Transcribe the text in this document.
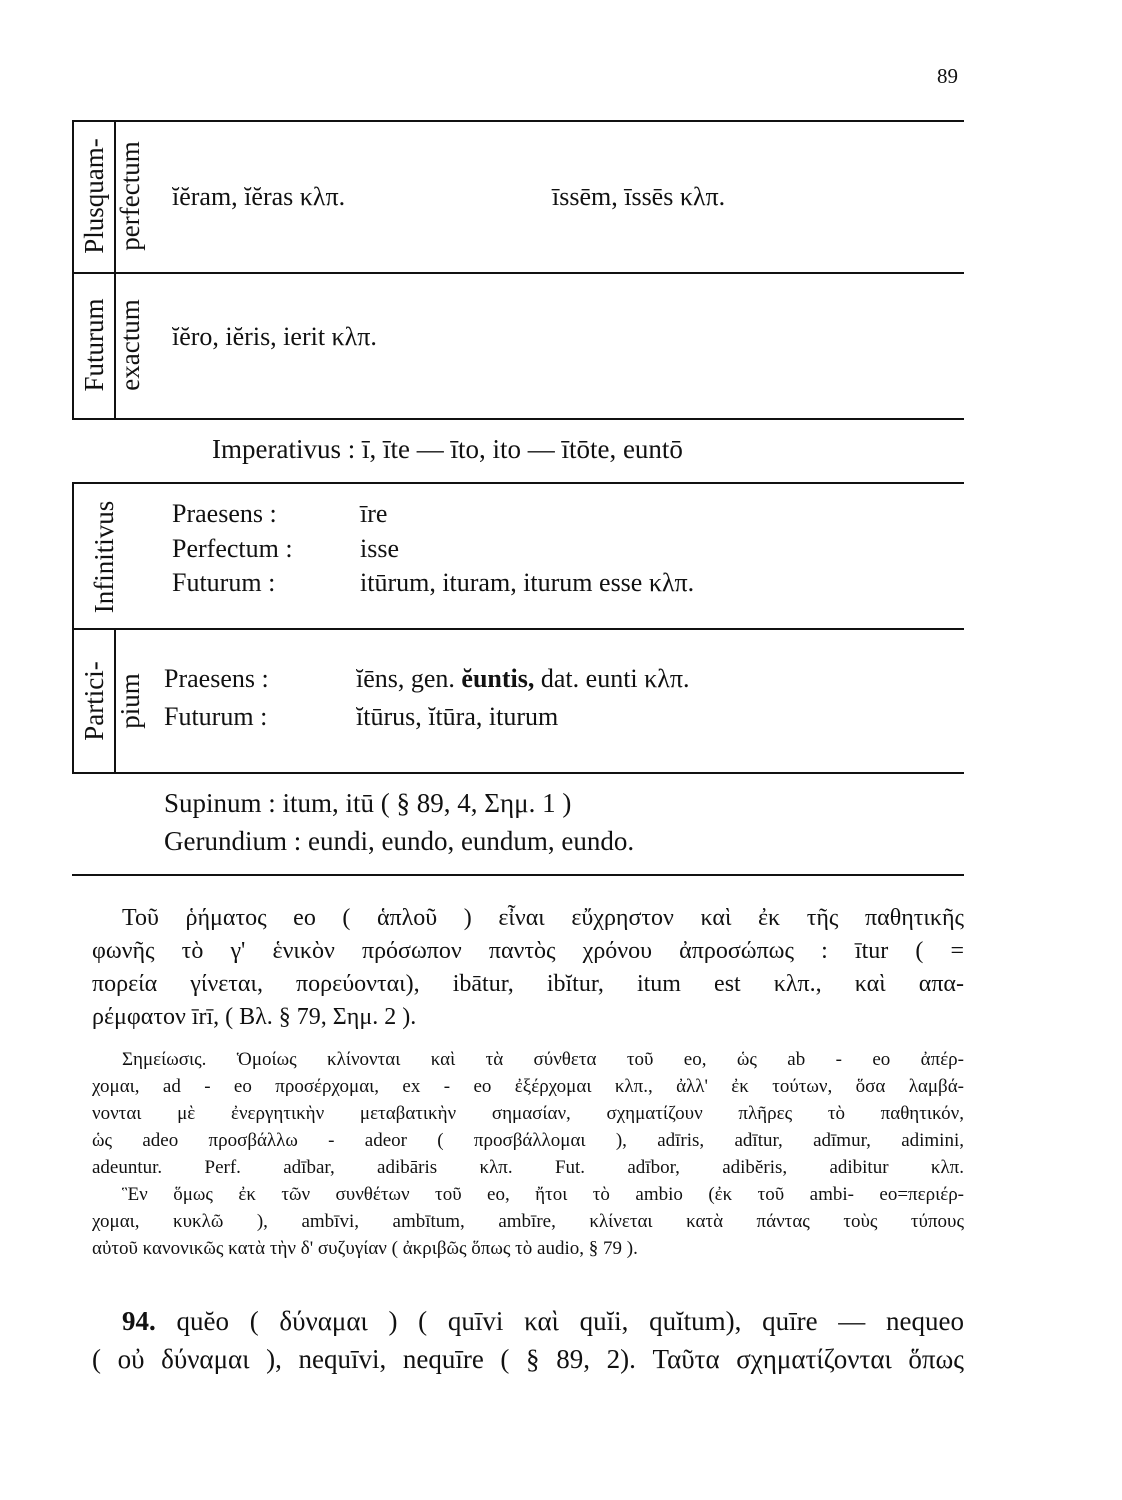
89
Plusquam- perfectum ĭĕram, ĭĕras κλπ.	īssēm, īssēs κλπ.
Futurum exactum ĭĕro, iĕris, ierit κλπ.
Imperativus : ī, īte — īto, ito — ītōte, euntō
Infinitivus Praesens :	īre
Perfectum :	isse
Futurum :	itūrum, ituram, iturum esse κλπ.
Partici- pium Praesens :	ĭēns, gen. ĕuntis, dat. eunti κλπ.
Futurum :	ĭtūrus, ĭtūra, iturum
Supinum : itum, itū ( § 89, 4, Σημ. 1 )
Gerundium : eundi, eundo, eundum, eundo.
Τοῦ ῥήματος eo ( ἁπλοῦ ) εἶναι εὔχρηστον καὶ ἐκ τῆς παθητικῆς
φωνῆς τὸ γ' ἑνικὸν πρόσωπον παντὸς χρόνου ἀπροσώπως : ītur ( =
πορεία γίνεται, πορεύονται), ibātur, ibĭtur, itum est κλπ., καὶ απα-
ρέμφατον īrī, ( Βλ. § 79, Σημ. 2 ).
Σημείωσις. Ὁμοίως κλίνονται καὶ τὰ σύνθετα τοῦ eo, ὡς ab - eo ἀπέρ-
χομαι, ad - eo προσέρχομαι, ex - eo ἐξέρχομαι κλπ., ἀλλ' ἐκ τούτων, ὅσα λαμβά-
νονται μὲ ἐνεργητικὴν μεταβατικὴν σημασίαν, σχηματίζουν πλῆρες τὸ παθητικόν,
ὡς adeo προσβάλλω - adeor ( προσβάλλομαι ), adīris, adītur, adīmur, adimini,
adeuntur. Perf. adībar, adibāris κλπ. Fut. adībor, adibĕris, adibitur κλπ.
Ἓν ὅμως ἐκ τῶν συνθέτων τοῦ eo, ἤτοι τὸ ambio (ἐκ τοῦ ambi- eo=περιέρ-
χομαι, κυκλῶ ), ambīvi, ambītum, ambīre, κλίνεται κατὰ πάντας τοὺς τύπους
αὐτοῦ κανονικῶς κατὰ τὴν δ' συζυγίαν ( ἀκριβῶς ὅπως τὸ audio, § 79 ).
94. quĕo ( δύναμαι ) ( quīvi καὶ quĭi, quĭtum), quīre — nequeo
( οὐ δύναμαι ), nequīvi, nequīre ( § 89, 2). Ταῦτα σχηματίζονται ὅπως
